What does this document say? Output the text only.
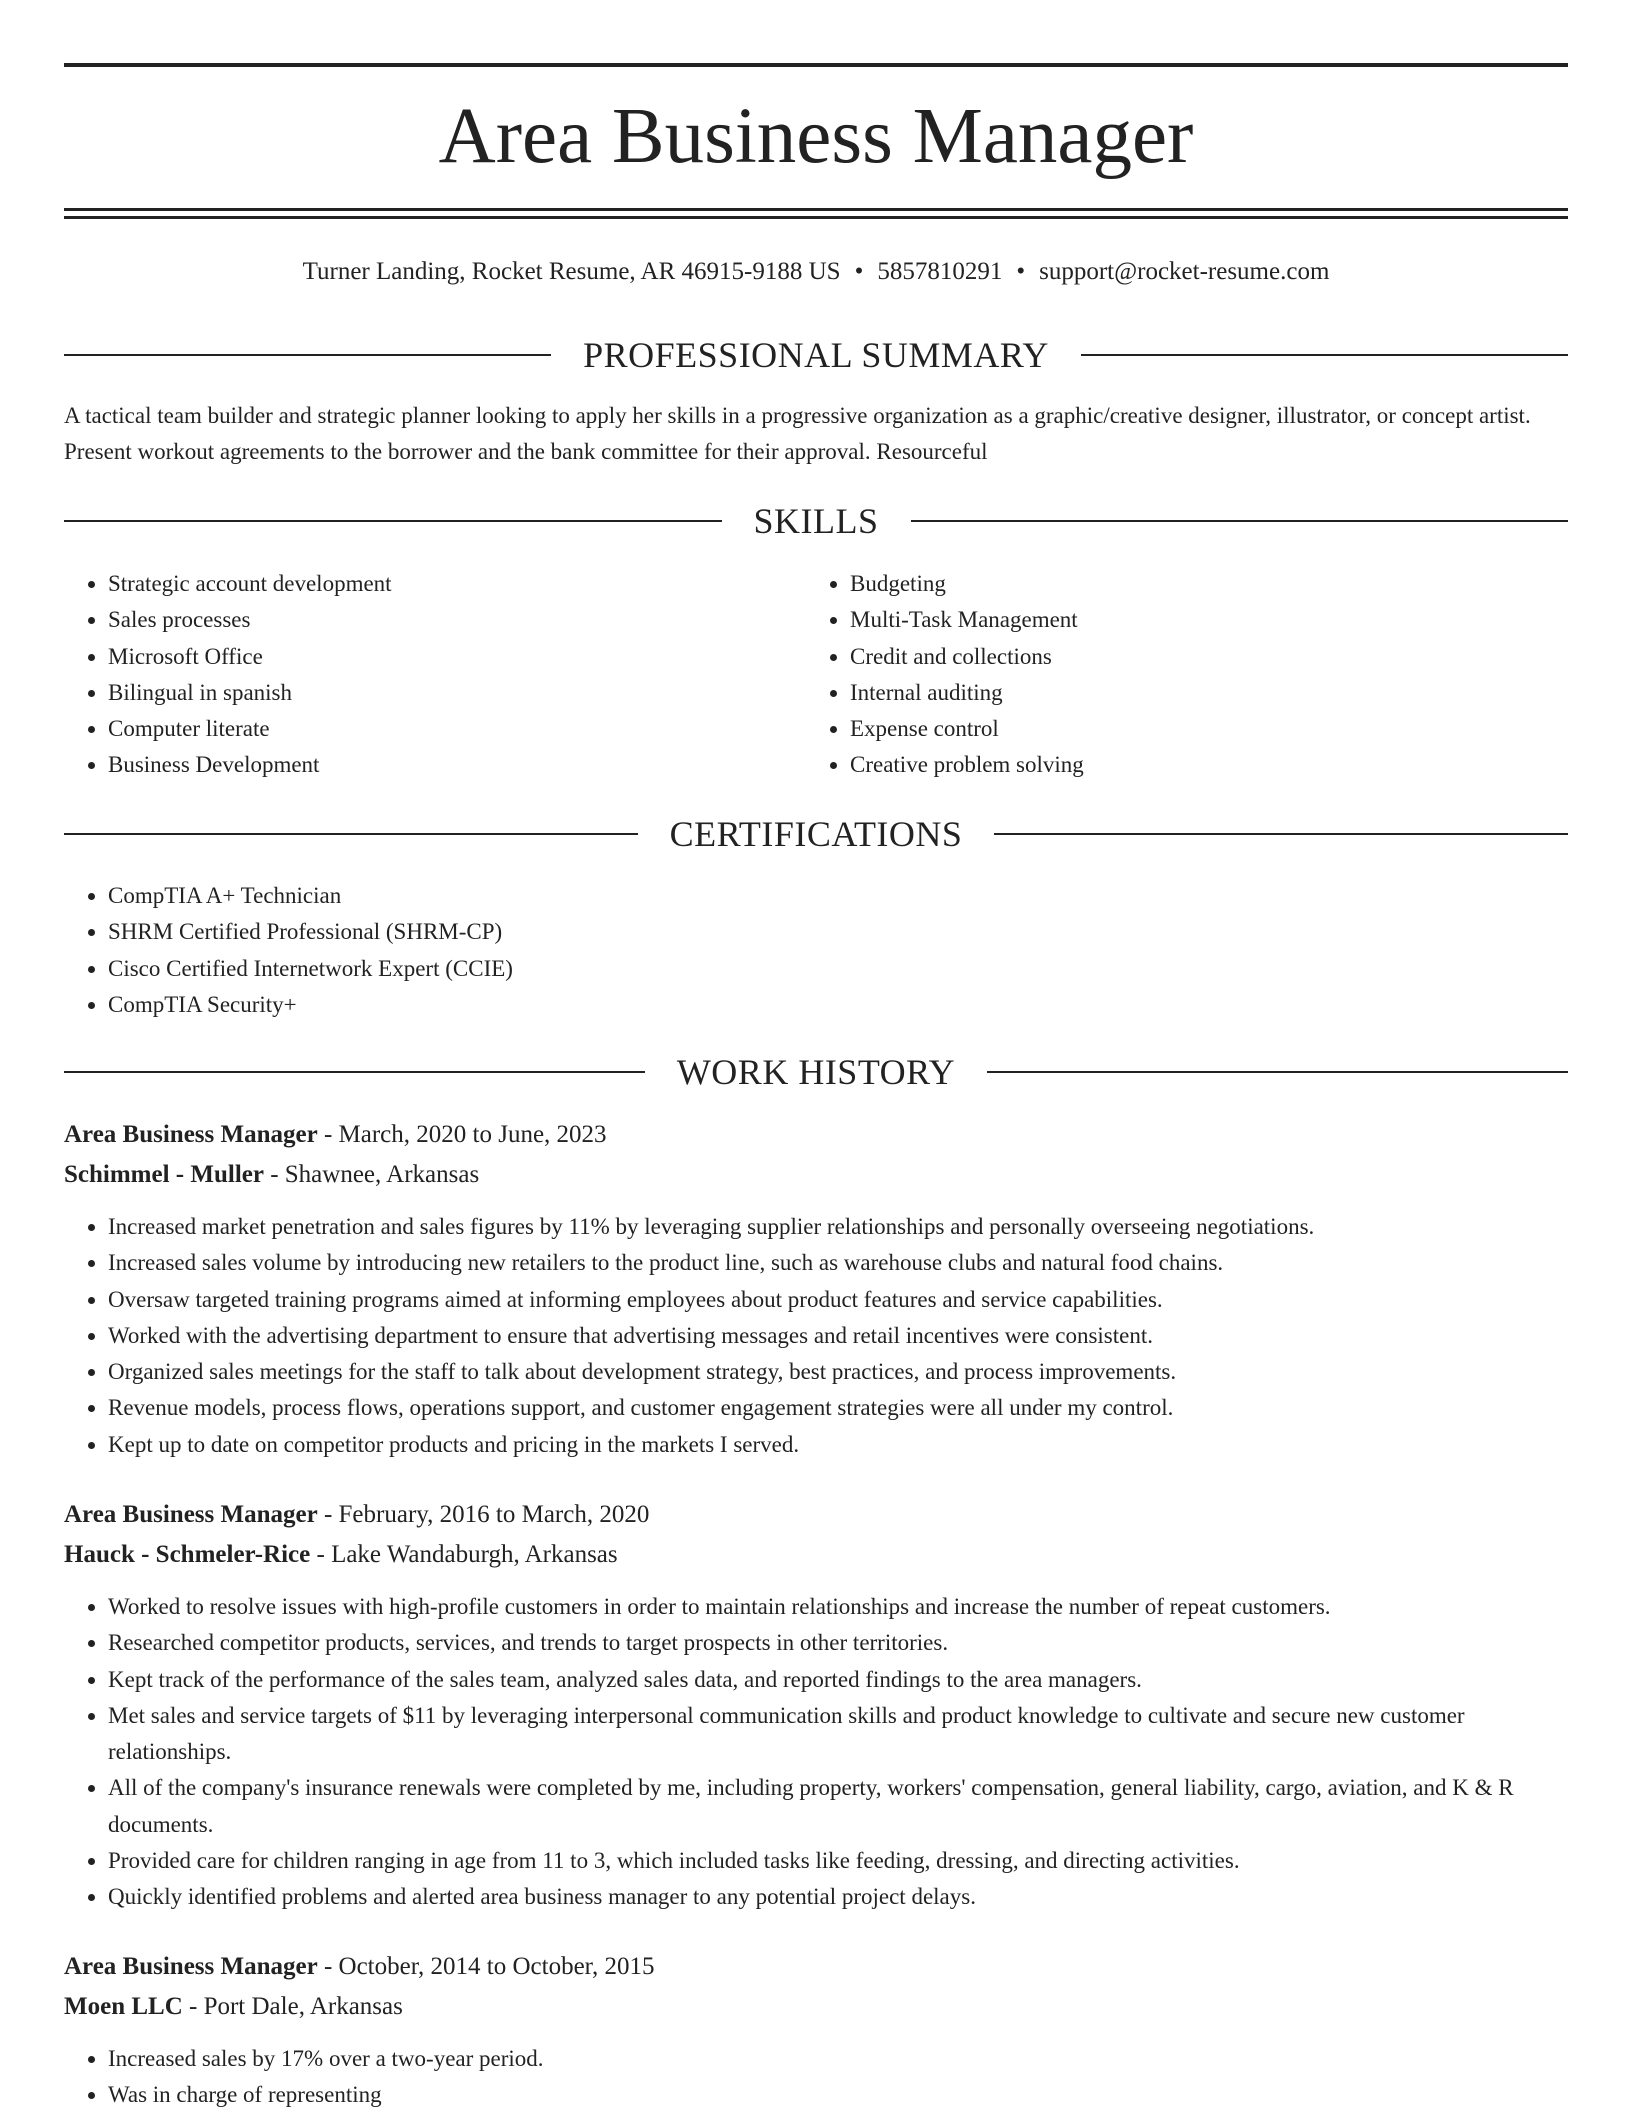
Area Business Manager
Turner Landing, Rocket Resume, AR 46915-9188 US • 5857810291 • support@rocket-resume.com
PROFESSIONAL SUMMARY

A tactical team builder and strategic planner looking to apply her skills in a progressive organization as a graphic/creative designer, illustrator, or concept artist. Present workout agreements to the borrower and the bank committee for their approval. Resourceful

SKILLS
• Strategic account development
• Sales processes
• Microsoft Office
• Bilingual in spanish
• Computer literate
• Business Development
• Budgeting
• Multi-Task Management
• Credit and collections
• Internal auditing
• Expense control
• Creative problem solving
CERTIFICATIONS
• CompTIA A+ Technician
• SHRM Certified Professional (SHRM-CP)
• Cisco Certified Internetwork Expert (CCIE)
• CompTIA Security+
WORK HISTORY
Area Business Manager - March, 2020 to June, 2023
Schimmel - Muller - Shawnee, Arkansas
• Increased market penetration and sales figures by 11% by leveraging supplier relationships and personally overseeing negotiations.
• Increased sales volume by introducing new retailers to the product line, such as warehouse clubs and natural food chains.
• Oversaw targeted training programs aimed at informing employees about product features and service capabilities.
• Worked with the advertising department to ensure that advertising messages and retail incentives were consistent.
• Organized sales meetings for the staff to talk about development strategy, best practices, and process improvements.
• Revenue models, process flows, operations support, and customer engagement strategies were all under my control.
• Kept up to date on competitor products and pricing in the markets I served.
Area Business Manager - February, 2016 to March, 2020
Hauck - Schmeler-Rice - Lake Wandaburgh, Arkansas
• Worked to resolve issues with high-profile customers in order to maintain relationships and increase the number of repeat customers.
• Researched competitor products, services, and trends to target prospects in other territories.
• Kept track of the performance of the sales team, analyzed sales data, and reported findings to the area managers.
• Met sales and service targets of $11 by leveraging interpersonal communication skills and product knowledge to cultivate and secure new customer relationships.
• All of the company's insurance renewals were completed by me, including property, workers' compensation, general liability, cargo, aviation, and K & R documents.
• Provided care for children ranging in age from 11 to 3, which included tasks like feeding, dressing, and directing activities.
• Quickly identified problems and alerted area business manager to any potential project delays.
Area Business Manager - October, 2014 to October, 2015
Moen LLC - Port Dale, Arkansas
• Increased sales by 17% over a two-year period.
• Was in charge of representing
